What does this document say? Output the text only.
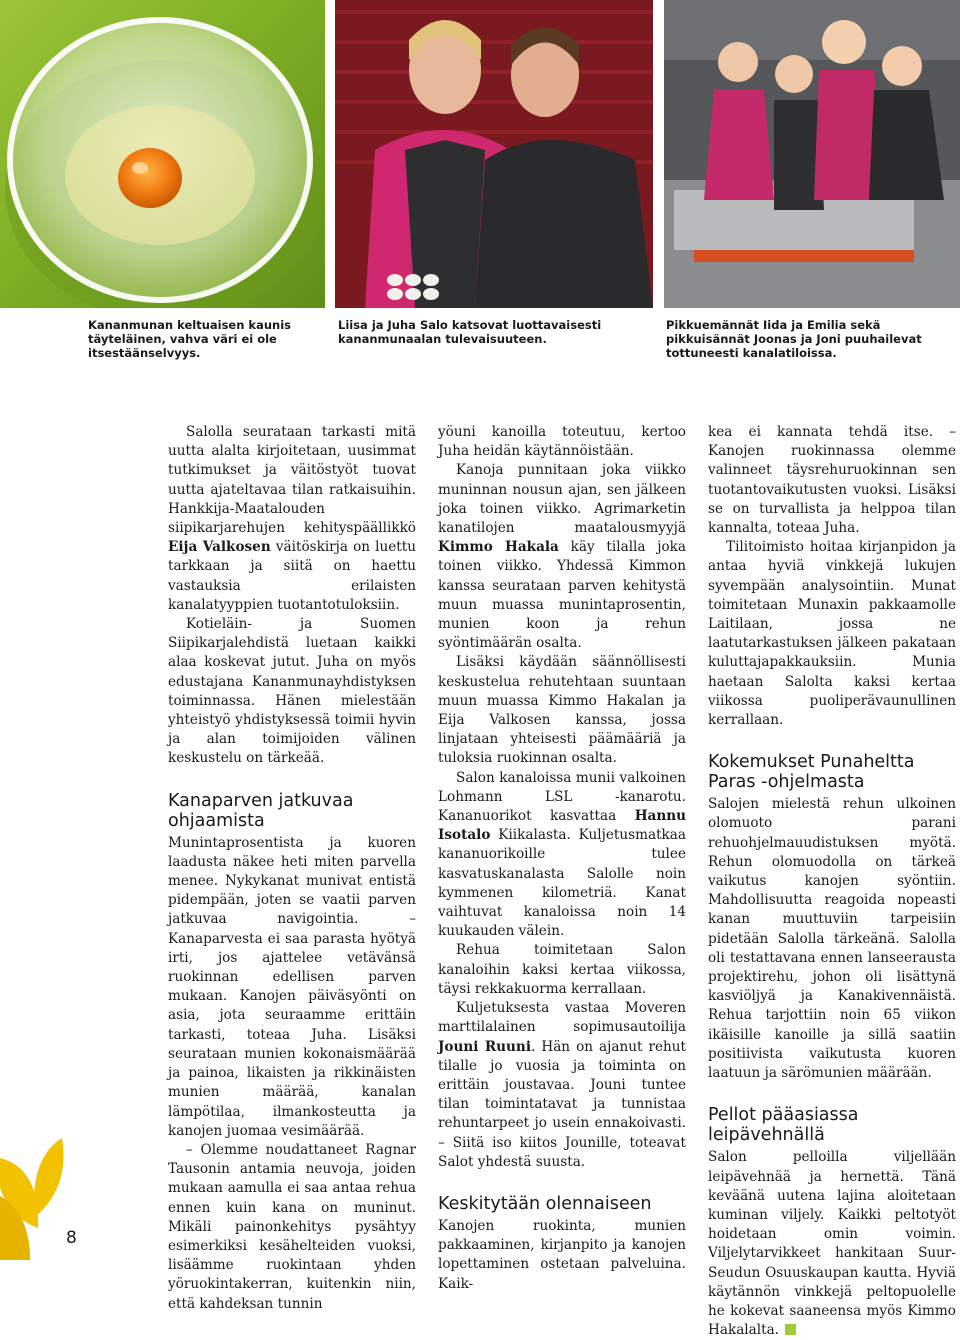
Kananmunan keltuaisen kaunis täyteläinen, vahva väri ei ole itsestäänselvyys.
Liisa ja Juha Salo katsovat luottavaisesti kananmunaalan tulevaisuuteen.
Pikkuemännät Iida ja Emilia sekä pikkuisännät Joonas ja Joni puuhailevat tottuneesti kanalatiloissa.

Salolla seurataan tarkasti mitä uutta alalta kirjoitetaan, uusimmat tutkimukset ja väitöstyöt tuovat uutta ajateltavaa tilan ratkaisuihin. Hankkija-Maatalouden siipikarjarehujen kehityspäällikkö Eija Valkosen väitöskirja on luettu tarkkaan ja siitä on haettu vastauksia erilaisten kanalatyyppien tuotantotuloksiin.

Kotieläin- ja Suomen Siipikarjalehdistä luetaan kaikki alaa koskevat jutut. Juha on myös edustajana Kananmunayhdistyksen toiminnassa. Hänen mielestään yhteistyö yhdistyksessä toimii hyvin ja alan toimijoiden välinen keskustelu on tärkeää.

Kanaparven jatkuvaa ohjaamista

Munintaprosentista ja kuoren laadusta näkee heti miten parvella menee. Nykykanat munivat entistä pidempään, joten se vaatii parven jatkuvaa navigointia. – Kanaparvesta ei saa parasta hyötyä irti, jos ajattelee vetävänsä ruokinnan edellisen parven mukaan. Kanojen päiväsyönti on asia, jota seuraamme erittäin tarkasti, toteaa Juha. Lisäksi seurataan munien kokonaismäärää ja painoa, likaisten ja rikkinäisten munien määrää, kanalan lämpötilaa, ilmankosteutta ja kanojen juomaa vesimäärää.

– Olemme noudattaneet Ragnar Tausonin antamia neuvoja, joiden mukaan aamulla ei saa antaa rehua ennen kuin kana on muninut. Mikäli painonkehitys pysähtyy esimerkiksi kesähelteiden vuoksi, lisäämme ruokintaan yhden yöruokintakerran, kuitenkin niin, että kahdeksan tunnin

yöuni kanoilla toteutuu, kertoo Juha heidän käytännöistään.

Kanoja punnitaan joka viikko muninnan nousun ajan, sen jälkeen joka toinen viikko. Agrimarketin kanatilojen maatalousmyyjä Kimmo Hakala käy tilalla joka toinen viikko. Yhdessä Kimmon kanssa seurataan parven kehitystä muun muassa munintaprosentin, munien koon ja rehun syöntimäärän osalta.

Lisäksi käydään säännöllisesti keskustelua rehutehtaan suuntaan muun muassa Kimmo Hakalan ja Eija Valkosen kanssa, jossa linjataan yhteisesti päämääriä ja tuloksia ruokinnan osalta.

Salon kanaloissa munii valkoinen Lohmann LSL -kanarotu. Kananuorikot kasvattaa Hannu Isotalo Kiikalasta. Kuljetusmatkaa kananuorikoille tulee kasvatuskanalasta Salolle noin kymmenen kilometriä. Kanat vaihtuvat kanaloissa noin 14 kuukauden välein.

Rehua toimitetaan Salon kanaloihin kaksi kertaa viikossa, täysi rekkakuorma kerrallaan.

Kuljetuksesta vastaa Moveren marttilalainen sopimusautoilija Jouni Ruuni. Hän on ajanut rehut tilalle jo vuosia ja toiminta on erittäin joustavaa. Jouni tuntee tilan toimintatavat ja tunnistaa rehuntarpeet jo usein ennakoivasti. – Siitä iso kiitos Jounille, toteavat Salot yhdestä suusta.

Keskitytään olennaiseen

Kanojen ruokinta, munien pakkaaminen, kirjanpito ja kanojen lopettaminen ostetaan palveluina. Kaik-

kea ei kannata tehdä itse. – Kanojen ruokinnassa olemme valinneet täysrehuruokinnan sen tuotantovaikutusten vuoksi. Lisäksi se on turvallista ja helppoa tilan kannalta, toteaa Juha.

Tilitoimisto hoitaa kirjanpidon ja antaa hyviä vinkkejä lukujen syvempään analysointiin. Munat toimitetaan Munaxin pakkaamolle Laitilaan, jossa ne laatutarkastuksen jälkeen pakataan kuluttajapakkauksiin. Munia haetaan Salolta kaksi kertaa viikossa puoliperävaunullinen kerrallaan.

Kokemukset Punaheltta Paras -ohjelmasta

Salojen mielestä rehun ulkoinen olomuoto parani rehuohjelmauudistuksen myötä. Rehun olomuodolla on tärkeä vaikutus kanojen syöntiin. Mahdollisuutta reagoida nopeasti kanan muuttuviin tarpeisiin pidetään Salolla tärkeänä. Salolla oli testattavana ennen lanseerausta projektirehu, johon oli lisättynä kasviöljyä ja Kanakivennäistä. Rehua tarjottiin noin 65 viikon ikäisille kanoille ja sillä saatiin positiivista vaikutusta kuoren laatuun ja särömunien määrään.

Pellot pääasiassa leipävehnällä

Salon pelloilla viljellään leipävehnää ja hernettä. Tänä keväänä uutena lajina aloitetaan kuminan viljely. Kaikki peltotyöt hoidetaan omin voimin. Viljelytarvikkeet hankitaan Suur-Seudun Osuuskaupan kautta. Hyviä käytännön vinkkejä peltopuolelle he kokevat saaneensa myös Kimmo Hakalalta.

8
